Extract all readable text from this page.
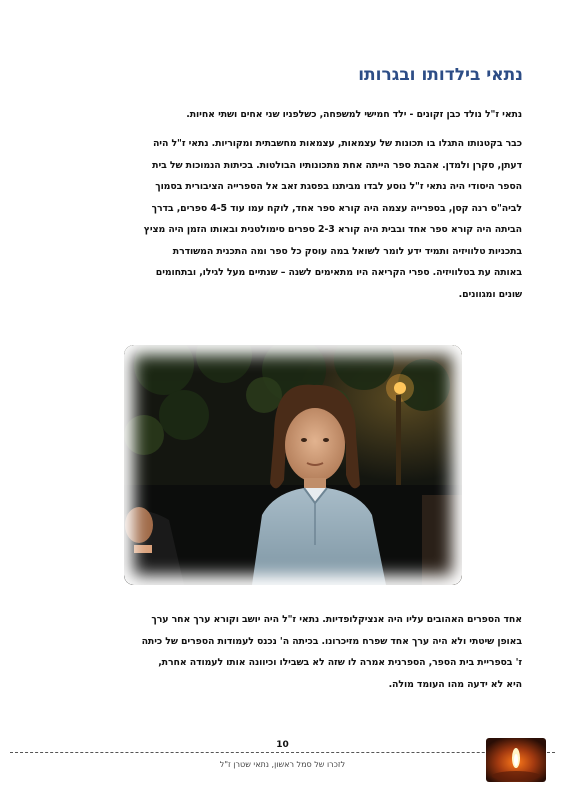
נתאי בילדותו ובגרותו

נתאי ז"ל נולד כבן זקונים - ילד חמישי למשפחה, כשלפניו שני אחים ושתי אחיות.

כבר בקטנותו התגלו בו תכונות של עצמאות, עצמאות מחשבתית ומקוריות. נתאי ז"ל היה
דעתן, סקרן ולמדן. אהבת ספר הייתה אחת מתכונותיו הבולטות. בכיתות הנמוכות של בית
הספר היסודי היה נתאי ז"ל נוסע לבדו מביתנו בפסגת זאב אל הספרייה הציבורית בסמוך
לביה"ס רנה קסן, בספרייה עצמה היה קורא ספר אחד, לוקח עמו עוד 4-5 ספרים, בדרך
הביתה היה קורא ספר אחד ובבית היה קורא 2-3 ספרים סימולטנית ובאותו הזמן היה מציץ
בתכניות טלוויזיה ותמיד ידע לומר לשואל במה עוסק כל ספר ומה התכנית המשודרת
באותה עת בטלוויזיה. ספרי הקריאה היו מתאימים לשנה – שנתיים מעל לגילו, ובתחומים
שונים ומגוונים.

אחד הספרים האהובים עליו היה אנציקלופדיות. נתאי ז"ל היה יושב וקורא ערך אחר ערך
באופן שיטתי ולא היה ערך אחד שפרח מזיכרונו. בכיתה ה' נכנס לעמודות הספרים של כיתה
ז' בספריית בית הספר, הספרנית אמרה לו שזה לא בשבילו וכיוונה אותו לעמודה אחרת,
היא לא ידעה מהו העומד מולה.

10
לזכרו של סמל ראשון, נתאי שטרן ז"ל
